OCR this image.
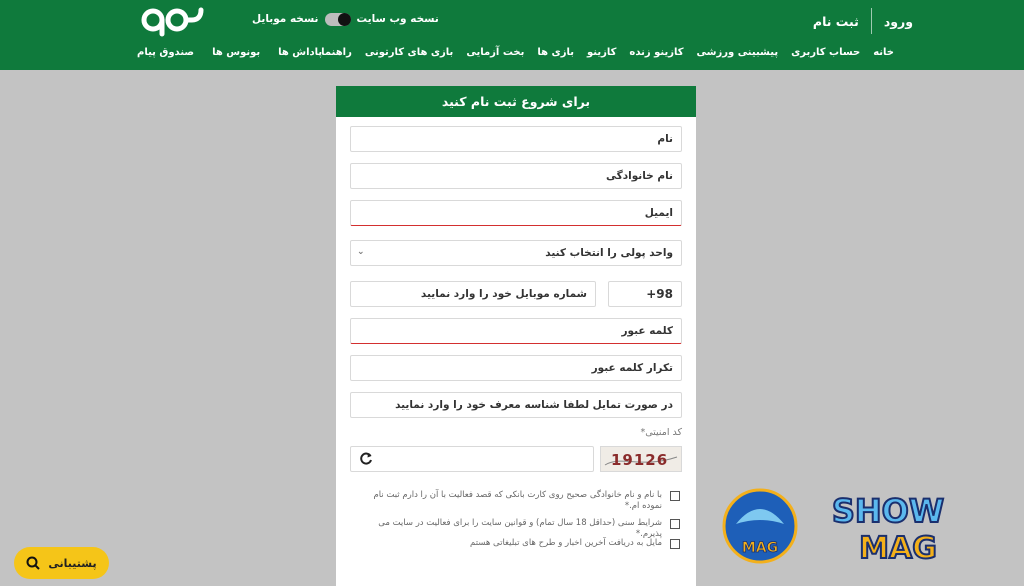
نسخه وب سایت
نسخه موبایل	ورود
ثبت نام
خانه
حساب کاربری
پیشبینی ورزشی
کازینو زنده
کازینو
بازی ها
بخت آزمایی
بازی های کارتونی
راهنما
پاداش ها
بونوس ها
صندوق پیام
برای شروع ثبت نام کنید
نام
نام خانوادگی
ایمیل
واحد پولی را انتخاب کنید
⌄
+98
شماره موبایل خود را وارد نمایید
کلمه عبور
تکرار کلمه عبور
در صورت تمایل لطفا شناسه معرف خود را وارد نمایید
کد امنیتی*
19126
با نام و نام خانوادگی صحیح روی کارت بانکی که قصد فعالیت با آن را دارم ثبت نام نموده ام.*
شرایط سنی (حداقل 18 سال تمام) و قوانین سایت را برای فعالیت در سایت می پذیرم.*
مایل به دریافت آخرین اخبار و طرح های تبلیغاتی هستم
پشتیبانی
MAG
SHOW
MAG
